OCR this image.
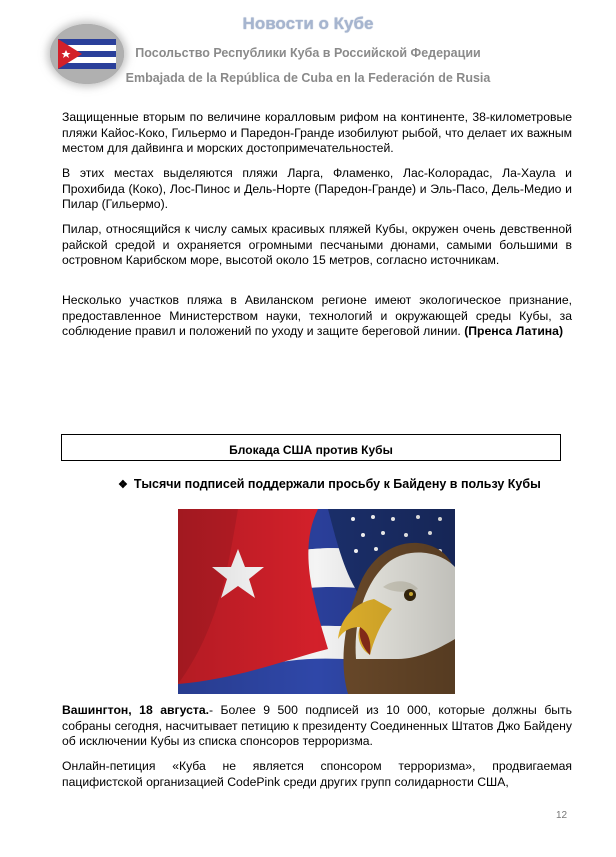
Новости о Кубе
Посольство Республики Куба в Российской Федерации
Embajada de la República de Cuba en la Federación de Rusia

Защищенные вторым по величине коралловым рифом на континенте, 38-километровые пляжи Кайос-Коко, Гильермо и Паредон-Гранде изобилуют рыбой, что делает их важным местом для дайвинга и морских достопримечательностей.

В этих местах выделяются пляжи Ларга, Фламенко, Лас-Колорадас, Ла-Хаула и Прохибида (Коко), Лос-Пинос и Дель-Норте (Паредон-Гранде) и Эль-Пасо, Дель-Медио и Пилар (Гильермо).

Пилар, относящийся к числу самых красивых пляжей Кубы, окружен очень девственной райской средой и охраняется огромными песчаными дюнами, самыми большими в островном Карибском море, высотой около 15 метров, согласно источникам.

Несколько участков пляжа в Авиланском регионе имеют экологическое признание, предоставленное Министерством науки, технологий и окружающей среды Кубы, за соблюдение правил и положений по уходу и защите береговой линии. (Пренса Латина)

Блокада США против Кубы
❖ Тысячи подписей поддержали просьбу к Байдену в пользу Кубы

Вашингтон, 18 августа.- Более 9 500 подписей из 10 000, которые должны быть собраны сегодня, насчитывает петицию к президенту Соединенных Штатов Джо Байдену об исключении Кубы из списка спонсоров терроризма.

Онлайн-петиция «Куба не является спонсором терроризма», продвигаемая пацифистской организацией CodePink среди других групп солидарности США,

12
